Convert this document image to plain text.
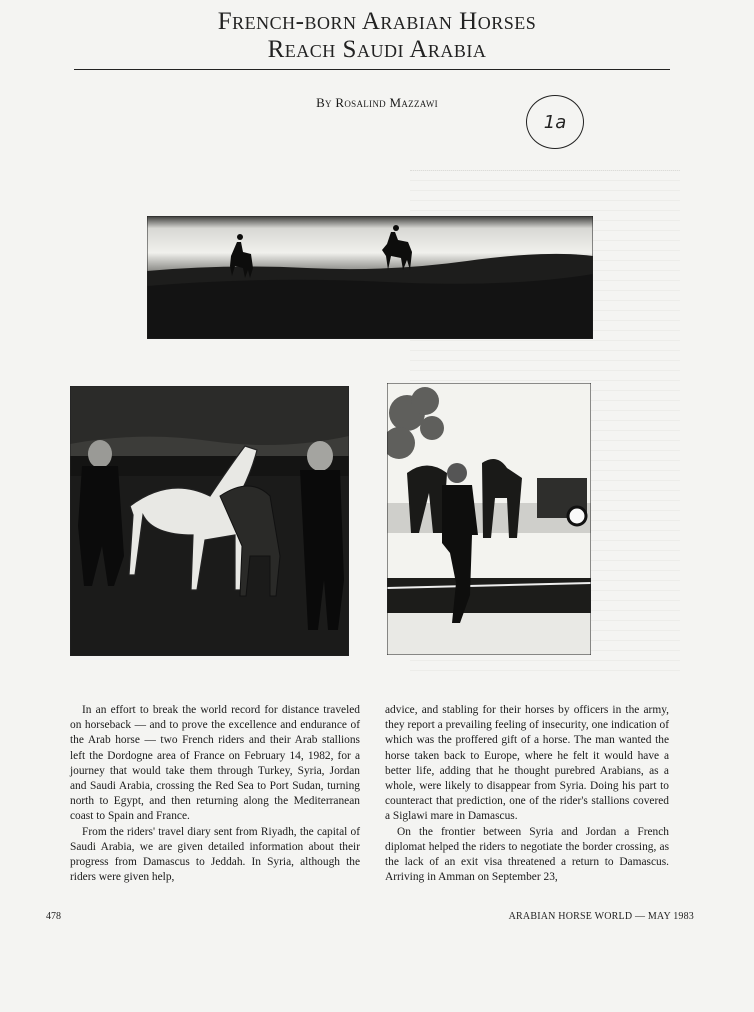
French-born Arabian Horses
Reach Saudi Arabia
By Rosalind Mazzawi
1a

In an effort to break the world record for distance traveled on horseback — and to prove the excellence and endurance of the Arab horse — two French riders and their Arab stallions left the Dordogne area of France on February 14, 1982, for a journey that would take them through Turkey, Syria, Jordan and Saudi Arabia, crossing the Red Sea to Port Sudan, turning north to Egypt, and then returning along the Mediterranean coast to Spain and France.

From the riders' travel diary sent from Riyadh, the capital of Saudi Arabia, we are given detailed information about their progress from Damascus to Jeddah. In Syria, although the riders were given help,

advice, and stabling for their horses by officers in the army, they report a prevailing feeling of insecurity, one indication of which was the proffered gift of a horse. The man wanted the horse taken back to Europe, where he felt it would have a better life, adding that he thought purebred Arabians, as a whole, were likely to disappear from Syria. Doing his part to counteract that prediction, one of the rider's stallions covered a Siglawi mare in Damascus.

On the frontier between Syria and Jordan a French diplomat helped the riders to negotiate the border crossing, as the lack of an exit visa threatened a return to Damascus. Arriving in Amman on September 23,

478	ARABIAN HORSE WORLD — MAY 1983
